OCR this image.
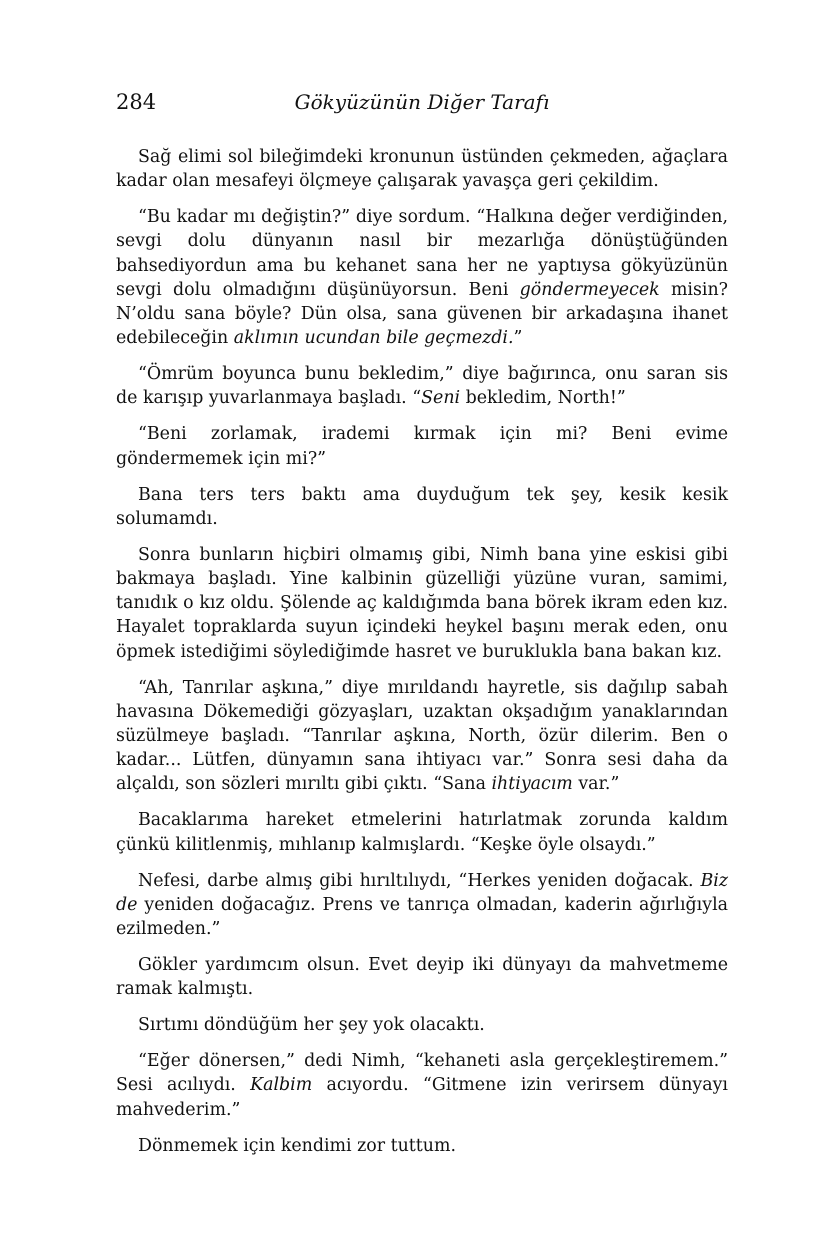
284	Gökyüzünün Diğer Tarafı

Sağ elimi sol bileğimdeki kronunun üstünden çekmeden, ağaçlara kadar olan mesafeyi ölçmeye çalışarak yavaşça geri çekildim.

“Bu kadar mı değiştin?” diye sordum. “Halkına değer verdiğinden, sevgi dolu dünyanın nasıl bir mezarlığa dönüştüğünden bahsediyordun ama bu kehanet sana her ne yaptıysa gökyüzünün sevgi dolu olmadığını düşünüyorsun. Beni göndermeyecek misin? N’oldu sana böyle? Dün olsa, sana güvenen bir arkadaşına ihanet edebileceğin aklımın ucundan bile geçmezdi.”

“Ömrüm boyunca bunu bekledim,” diye bağırınca, onu saran sis de karışıp yuvarlanmaya başladı. “Seni bekledim, North!”

“Beni zorlamak, irademi kırmak için mi? Beni evime göndermemek için mi?”

Bana ters ters baktı ama duyduğum tek şey, kesik kesik solumamdı.

Sonra bunların hiçbiri olmamış gibi, Nimh bana yine eskisi gibi bakmaya başladı. Yine kalbinin güzelliği yüzüne vuran, samimi, tanıdık o kız oldu. Şölende aç kaldığımda bana börek ikram eden kız. Hayalet topraklarda suyun içindeki heykel başını merak eden, onu öpmek istediğimi söylediğimde hasret ve buruklukla bana bakan kız.

“Ah, Tanrılar aşkına,” diye mırıldandı hayretle, sis dağılıp sabah havasına Dökemediği gözyaşları, uzaktan okşadığım yanaklarından süzülmeye başladı. “Tanrılar aşkına, North, özür dilerim. Ben o kadar... Lütfen, dünyamın sana ihtiyacı var.” Sonra sesi daha da alçaldı, son sözleri mırıltı gibi çıktı. “Sana ihtiyacım var.”

Bacaklarıma hareket etmelerini hatırlatmak zorunda kaldım çünkü kilitlenmiş, mıhlanıp kalmışlardı. “Keşke öyle olsaydı.”

Nefesi, darbe almış gibi hırıltılıydı, “Herkes yeniden doğacak. Biz de yeniden doğacağız. Prens ve tanrıça olmadan, kaderin ağırlığıyla ezilmeden.”

Gökler yardımcım olsun. Evet deyip iki dünyayı da mahvetmeme ramak kalmıştı.

Sırtımı döndüğüm her şey yok olacaktı.

“Eğer dönersen,” dedi Nimh, “kehaneti asla gerçekleştiremem.” Sesi acılıydı. Kalbim acıyordu. “Gitmene izin verirsem dünyayı mahvederim.”

Dönmemek için kendimi zor tuttum.
